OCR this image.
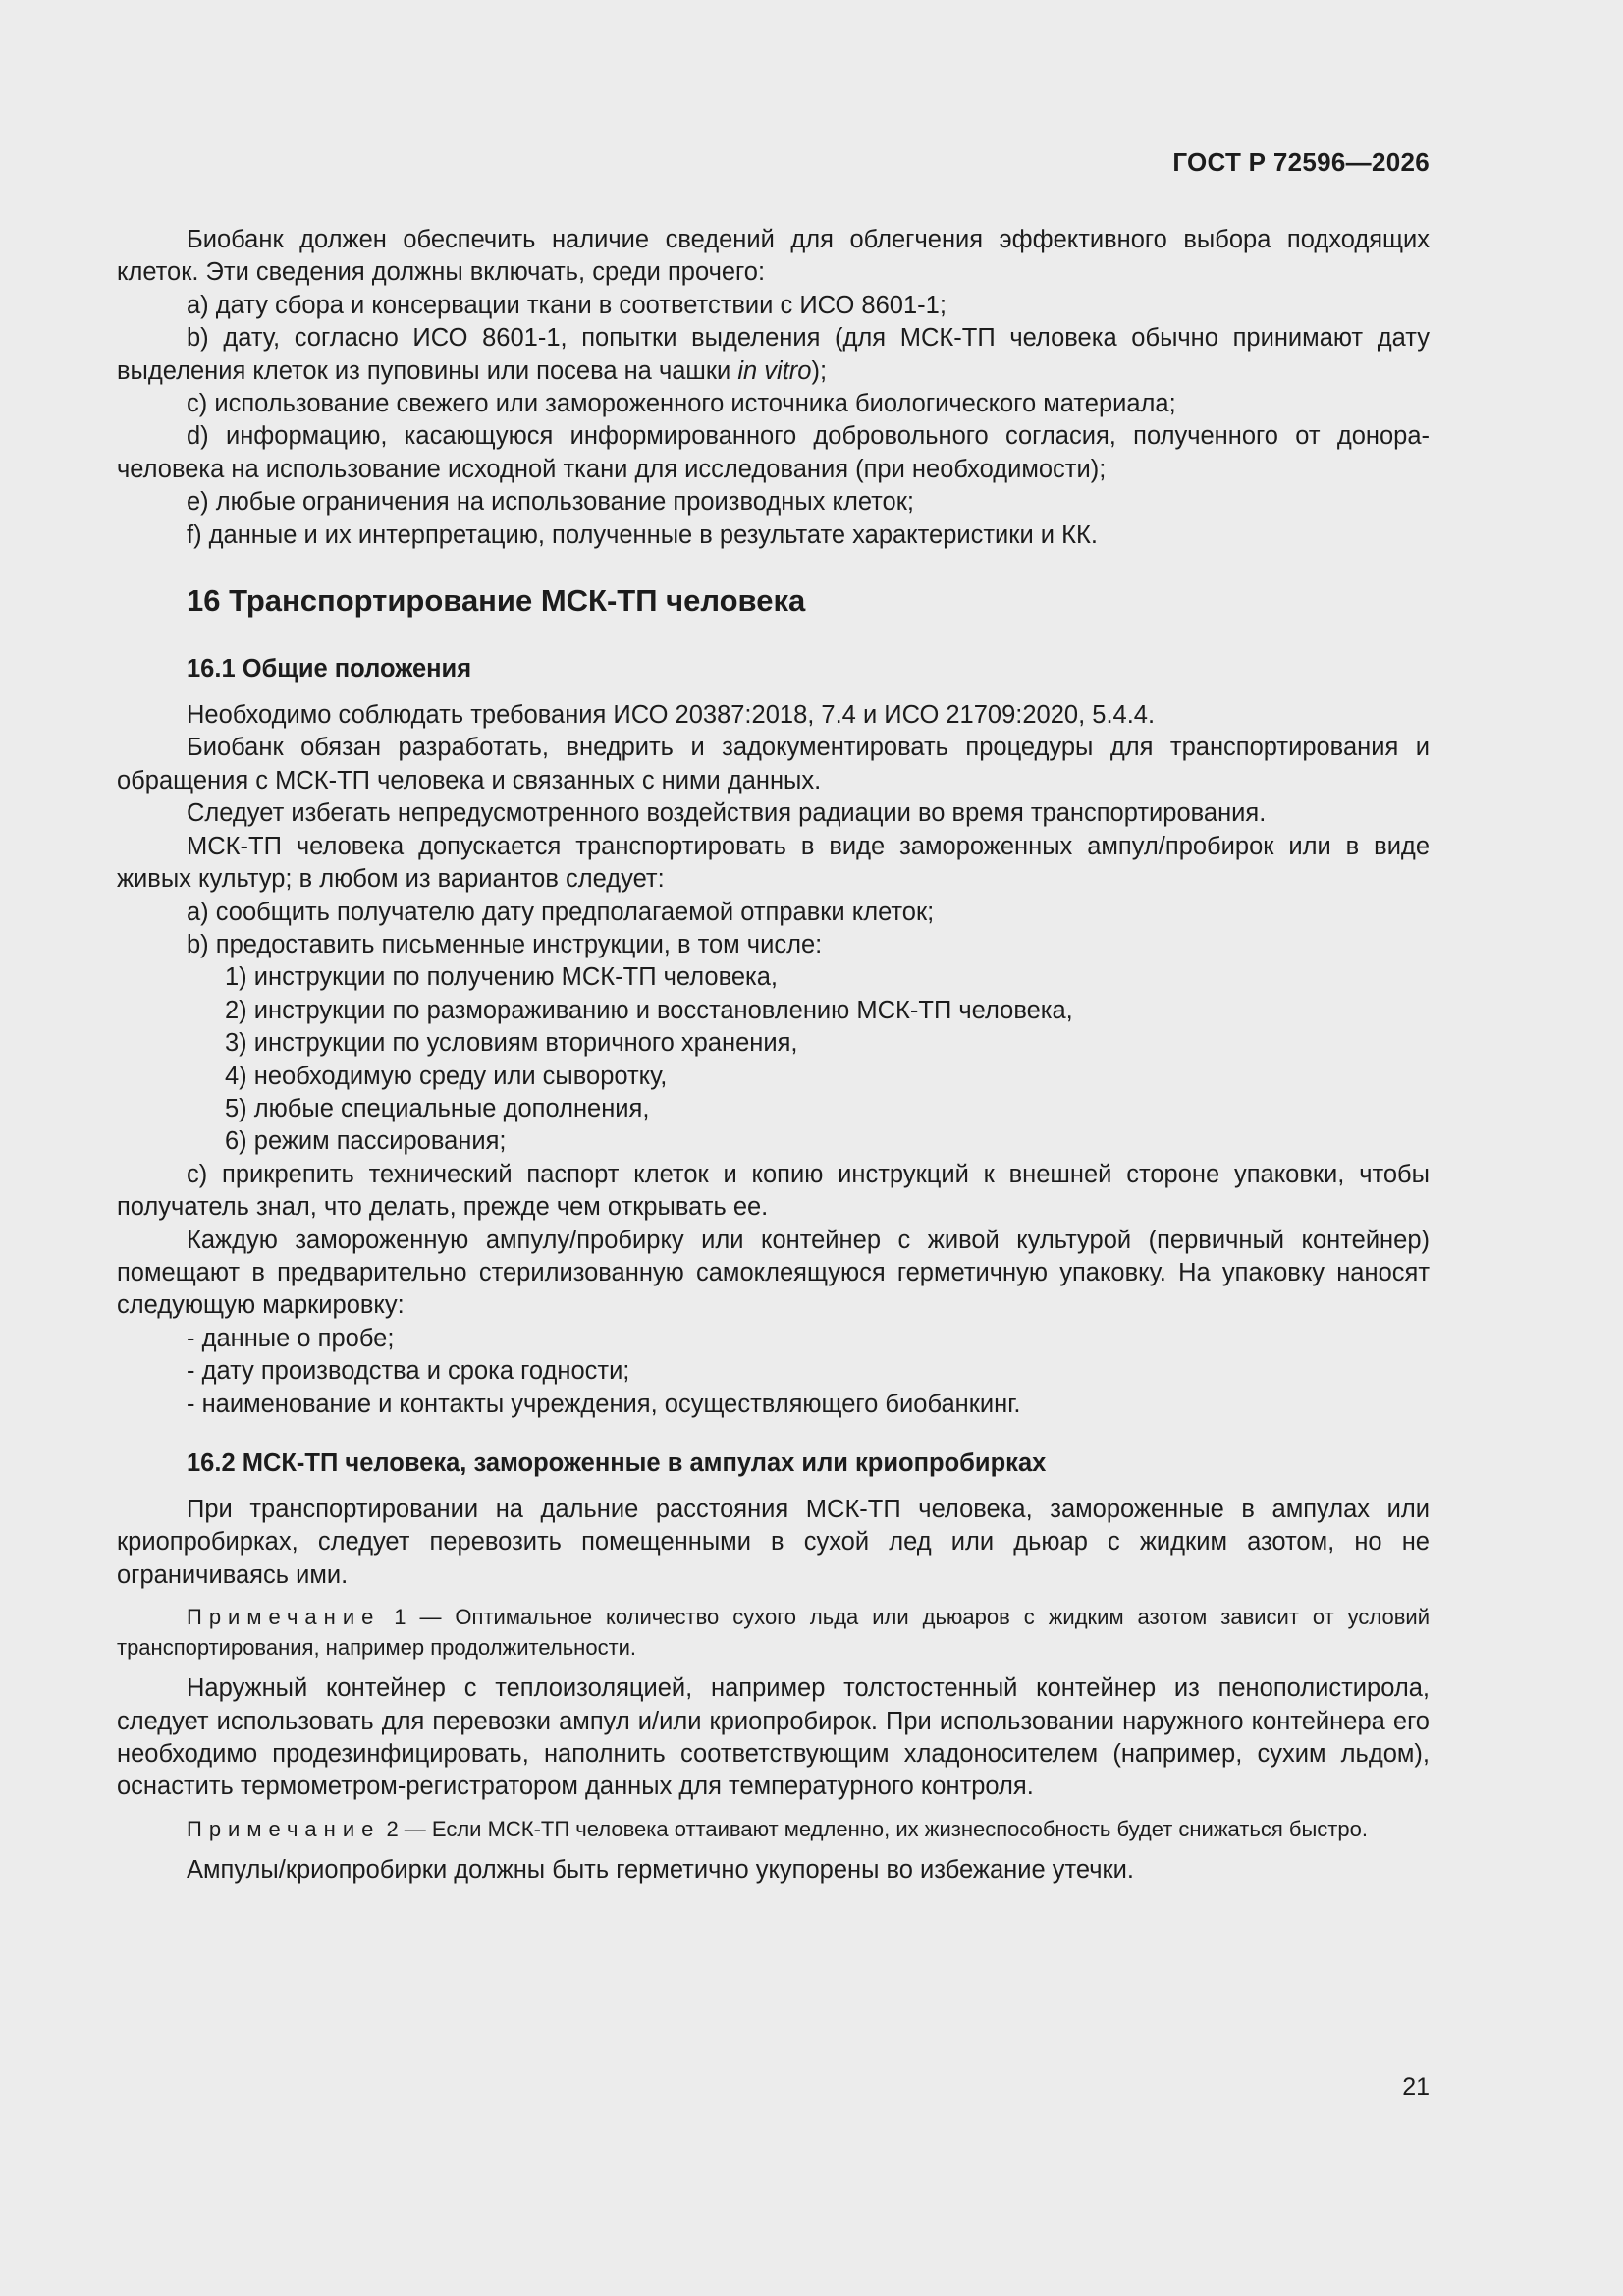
ГОСТ Р 72596—2026

Биобанк должен обеспечить наличие сведений для облегчения эффективного выбора подходящих клеток. Эти сведения должны включать, среди прочего:

a) дату сбора и консервации ткани в соответствии с ИСО 8601-1;

b) дату, согласно ИСО 8601-1, попытки выделения (для МСК-ТП человека обычно принимают дату выделения клеток из пуповины или посева на чашки in vitro);

c) использование свежего или замороженного источника биологического материала;

d) информацию, касающуюся информированного добровольного согласия, полученного от донора-человека на использование исходной ткани для исследования (при необходимости);

e) любые ограничения на использование производных клеток;

f) данные и их интерпретацию, полученные в результате характеристики и КК.

16 Транспортирование МСК-ТП человека
16.1 Общие положения

Необходимо соблюдать требования ИСО 20387:2018, 7.4 и ИСО 21709:2020, 5.4.4.

Биобанк обязан разработать, внедрить и задокументировать процедуры для транспортирования и обращения с МСК-ТП человека и связанных с ними данных.

Следует избегать непредусмотренного воздействия радиации во время транспортирования.

МСК-ТП человека допускается транспортировать в виде замороженных ампул/пробирок или в виде живых культур; в любом из вариантов следует:

a) сообщить получателю дату предполагаемой отправки клеток;

b) предоставить письменные инструкции, в том числе:

1) инструкции по получению МСК-ТП человека,

2) инструкции по размораживанию и восстановлению МСК-ТП человека,

3) инструкции по условиям вторичного хранения,

4) необходимую среду или сыворотку,

5) любые специальные дополнения,

6) режим пассирования;

c) прикрепить технический паспорт клеток и копию инструкций к внешней стороне упаковки, чтобы получатель знал, что делать, прежде чем открывать ее.

Каждую замороженную ампулу/пробирку или контейнер с живой культурой (первичный контейнер) помещают в предварительно стерилизованную самоклеящуюся герметичную упаковку. На упаковку наносят следующую маркировку:

- данные о пробе;

- дату производства и срока годности;

- наименование и контакты учреждения, осуществляющего биобанкинг.

16.2 МСК-ТП человека, замороженные в ампулах или криопробирках

При транспортировании на дальние расстояния МСК-ТП человека, замороженные в ампулах или криопробирках, следует перевозить помещенными в сухой лед или дьюар с жидким азотом, но не ограничиваясь ими.

Примечание 1 — Оптимальное количество сухого льда или дьюаров с жидким азотом зависит от условий транспортирования, например продолжительности.

Наружный контейнер с теплоизоляцией, например толстостенный контейнер из пенополистирола, следует использовать для перевозки ампул и/или криопробирок. При использовании наружного контейнера его необходимо продезинфицировать, наполнить соответствующим хладоносителем (например, сухим льдом), оснастить термометром-регистратором данных для температурного контроля.

Примечание 2 — Если МСК-ТП человека оттаивают медленно, их жизнеспособность будет снижаться быстро.

Ампулы/криопробирки должны быть герметично укупорены во избежание утечки.

21
